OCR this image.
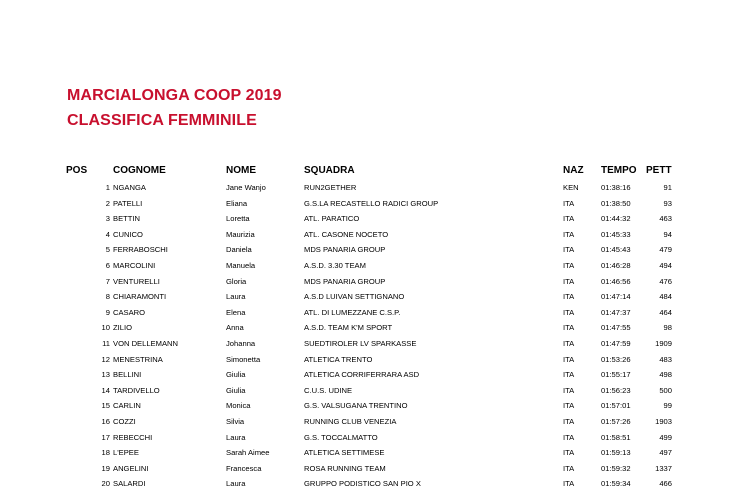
MARCIALONGA COOP 2019
CLASSIFICA FEMMINILE
POS	COGNOME	NOME	SQUADRA	NAZ TEMPO PETT
1 NGANGA	Jane Wanjo	RUN2GETHER	KEN	01:38:16	91
2 PATELLI	Eliana	G.S.LA RECASTELLO RADICI GROUP	ITA	01:38:50	93
3 BETTIN	Loretta	ATL. PARATICO	ITA	01:44:32	463
4 CUNICO	Maurizia	ATL. CASONE NOCETO	ITA	01:45:33	94
5 FERRABOSCHI	Daniela	MDS PANARIA GROUP	ITA	01:45:43	479
6 MARCOLINI	Manuela	A.S.D. 3.30 TEAM	ITA	01:46:28	494
7 VENTURELLI	Gloria	MDS PANARIA GROUP	ITA	01:46:56	476
8 CHIARAMONTI	Laura	A.S.D LUIVAN SETTIGNANO	ITA	01:47:14	484
9 CASARO	Elena	ATL. DI LUMEZZANE C.S.P.	ITA	01:47:37	464
10 ZILIO	Anna	A.S.D. TEAM K'M SPORT	ITA	01:47:55	98
11 VON DELLEMANN	Johanna	SUEDTIROLER LV SPARKASSE	ITA	01:47:59	1909
12 MENESTRINA	Simonetta	ATLETICA TRENTO	ITA	01:53:26	483
13 BELLINI	Giulia	ATLETICA CORRIFERRARA ASD	ITA	01:55:17	498
14 TARDIVELLO	Giulia	C.U.S. UDINE	ITA	01:56:23	500
15 CARLIN	Monica	G.S. VALSUGANA TRENTINO	ITA	01:57:01	99
16 COZZI	Silvia	RUNNING CLUB VENEZIA	ITA	01:57:26	1903
17 REBECCHI	Laura	G.S. TOCCALMATTO	ITA	01:58:51	499
18 L'EPEE	Sarah Aimee	ATLETICA SETTIMESE	ITA	01:59:13	497
19 ANGELINI	Francesca	ROSA RUNNING TEAM	ITA	01:59:32	1337
20 SALARDI	Laura	GRUPPO PODISTICO SAN PIO X	ITA	01:59:34	466
